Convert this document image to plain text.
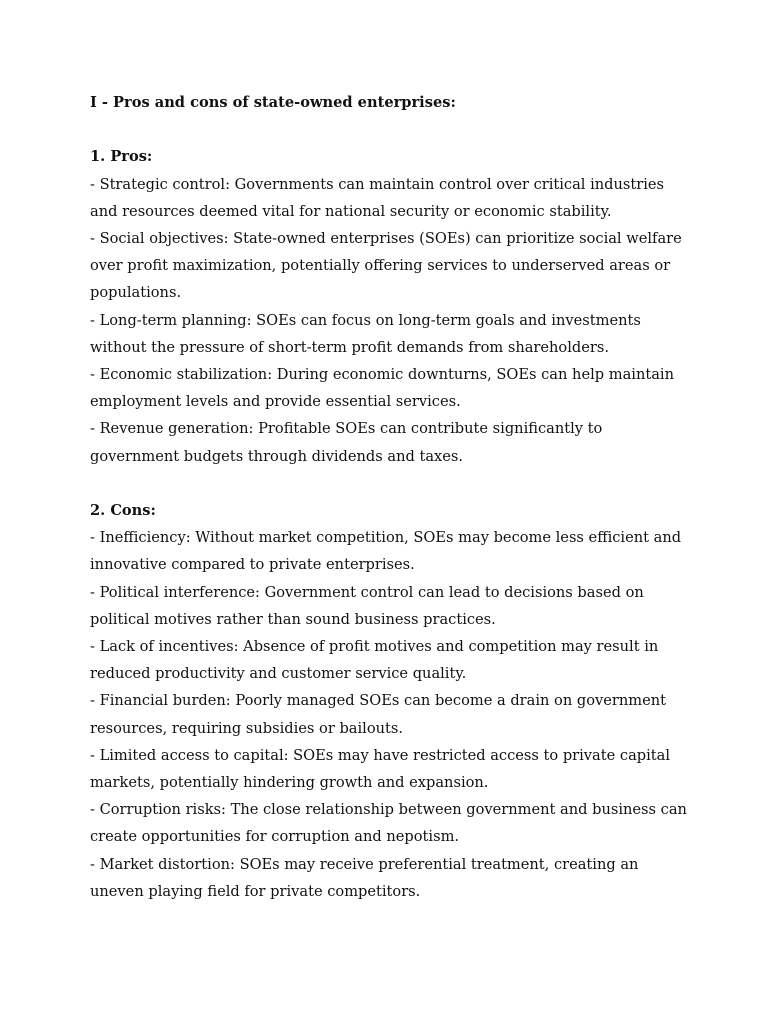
I - Pros and cons of state-owned enterprises:

1. Pros:

- Strategic control: Governments can maintain control over critical industries and resources deemed vital for national security or economic stability.

- Social objectives: State-owned enterprises (SOEs) can prioritize social welfare over profit maximization, potentially offering services to underserved areas or populations.

- Long-term planning: SOEs can focus on long-term goals and investments without the pressure of short-term profit demands from shareholders.

- Economic stabilization: During economic downturns, SOEs can help maintain employment levels and provide essential services.

- Revenue generation: Profitable SOEs can contribute significantly to government budgets through dividends and taxes.

2. Cons:

- Inefficiency: Without market competition, SOEs may become less efficient and innovative compared to private enterprises.

- Political interference: Government control can lead to decisions based on political motives rather than sound business practices.

- Lack of incentives: Absence of profit motives and competition may result in reduced productivity and customer service quality.

- Financial burden: Poorly managed SOEs can become a drain on government resources, requiring subsidies or bailouts.

- Limited access to capital: SOEs may have restricted access to private capital markets, potentially hindering growth and expansion.

- Corruption risks: The close relationship between government and business can create opportunities for corruption and nepotism.

- Market distortion: SOEs may receive preferential treatment, creating an uneven playing field for private competitors.
